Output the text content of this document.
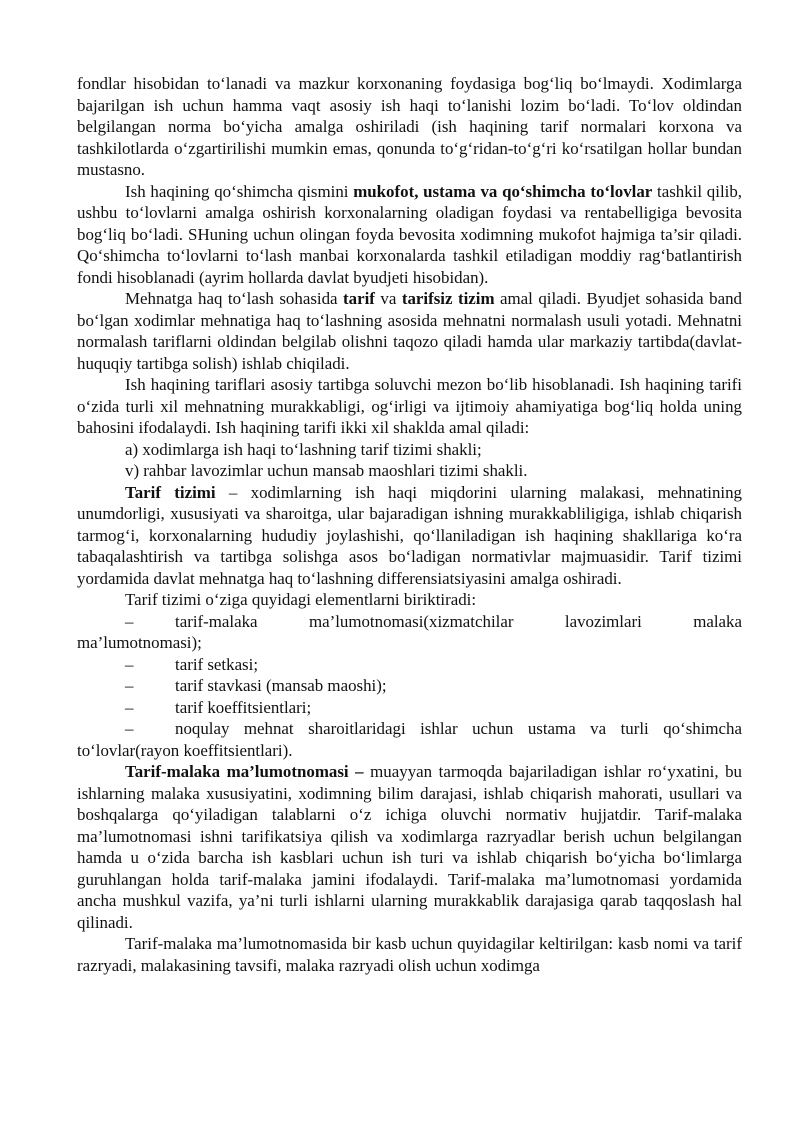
fondlar hisobidan to‘lanadi va mazkur korxonaning foydasiga bog‘liq bo‘lmaydi. Xodimlarga bajarilgan ish uchun hamma vaqt asosiy ish haqi to‘lanishi lozim bo‘ladi. To‘lov oldindan belgilangan norma bo‘yicha amalga oshiriladi (ish haqining tarif normalari korxona va tashkilotlarda o‘zgartirilishi mumkin emas, qonunda to‘g‘ridan-to‘g‘ri ko‘rsatilgan hollar bundan mustasno.

Ish haqining qo‘shimcha qismini mukofot, ustama va qo‘shimcha to‘lovlar tashkil qilib, ushbu to‘lovlarni amalga oshirish korxonalarning oladigan foydasi va rentabelligiga bevosita bog‘liq bo‘ladi. SHuning uchun olingan foyda bevosita xodimning mukofot hajmiga ta’sir qiladi. Qo‘shimcha to‘lovlarni to‘lash manbai korxonalarda tashkil etiladigan moddiy rag‘batlantirish fondi hisoblanadi (ayrim hollarda davlat byudjeti hisobidan).

Mehnatga haq to‘lash sohasida tarif va tarifsiz tizim amal qiladi. Byudjet sohasida band bo‘lgan xodimlar mehnatiga haq to‘lashning asosida mehnatni normalash usuli yotadi. Mehnatni normalash tariflarni oldindan belgilab olishni taqozo qiladi hamda ular markaziy tartibda(davlat-huquqiy tartibga solish) ishlab chiqiladi.

Ish haqining tariflari asosiy tartibga soluvchi mezon bo‘lib hisoblanadi. Ish haqining tarifi o‘zida turli xil mehnatning murakkabligi, og‘irligi va ijtimoiy ahamiyatiga bog‘liq holda uning bahosini ifodalaydi. Ish haqining tarifi ikki xil shaklda amal qiladi:

a) xodimlarga ish haqi to‘lashning tarif tizimi shakli;

v) rahbar lavozimlar uchun mansab maoshlari tizimi shakli.

Tarif tizimi – xodimlarning ish haqi miqdorini ularning malakasi, mehnatining unumdorligi, xususiyati va sharoitga, ular bajaradigan ishning murakkabliligiga, ishlab chiqarish tarmog‘i, korxonalarning hududiy joylashishi, qo‘llaniladigan ish haqining shakllariga ko‘ra tabaqalashtirish va tartibga solishga asos bo‘ladigan normativlar majmuasidir. Tarif tizimi yordamida davlat mehnatga haq to‘lashning differensiatsiyasini amalga oshiradi.

Tarif tizimi o‘ziga quyidagi elementlarni biriktiradi:

– tarif-malaka ma’lumotnomasi(xizmatchilar lavozimlari malaka

ma’lumotnomasi);

– tarif setkasi;

– tarif stavkasi (mansab maoshi);

– tarif koeffitsientlari;

– noqulay mehnat sharoitlaridagi ishlar uchun ustama va turli qo‘shimcha

to‘lovlar(rayon koeffitsientlari).

Tarif-malaka ma’lumotnomasi – muayyan tarmoqda bajariladigan ishlar ro‘yxatini, bu ishlarning malaka xususiyatini, xodimning bilim darajasi, ishlab chiqarish mahorati, usullari va boshqalarga qo‘yiladigan talablarni o‘z ichiga oluvchi normativ hujjatdir. Tarif-malaka ma’lumotnomasi ishni tarifikatsiya qilish va xodimlarga razryadlar berish uchun belgilangan hamda u o‘zida barcha ish kasblari uchun ish turi va ishlab chiqarish bo‘yicha bo‘limlarga guruhlangan holda tarif-malaka jamini ifodalaydi. Tarif-malaka ma’lumotnomasi yordamida ancha mushkul vazifa, ya’ni turli ishlarni ularning murakkablik darajasiga qarab taqqoslash hal qilinadi.

Tarif-malaka ma’lumotnomasida bir kasb uchun quyidagilar keltirilgan: kasb nomi va tarif razryadi, malakasining tavsifi, malaka razryadi olish uchun xodimga
